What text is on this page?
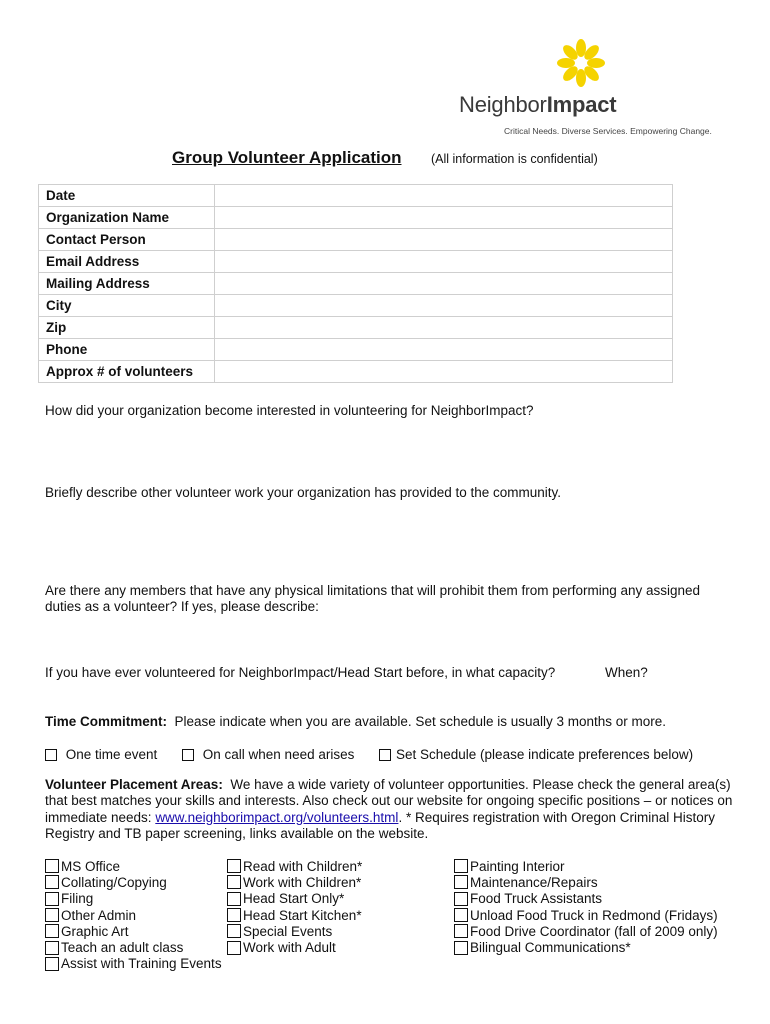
NeighborImpact
Critical Needs. Diverse Services. Empowering Change.
Group Volunteer Application (All information is confidential)
Date	
Organization Name	
Contact Person	
Email Address	
Mailing Address	
City	
Zip	
Phone	
Approx # of volunteers	
How did your organization become interested in volunteering for NeighborImpact?
Briefly describe other volunteer work your organization has provided to the community.
Are there any members that have any physical limitations that will prohibit them from performing any assigned duties as a volunteer? If yes, please describe:
If you have ever volunteered for NeighborImpact/Head Start before, in what capacity?	When?
Time Commitment: Please indicate when you are available. Set schedule is usually 3 months or more.

One time event
	On call when need arises	Set Schedule (please indicate preferences below)
Volunteer Placement Areas: We have a wide variety of volunteer opportunities. Please check the general area(s) that best matches your skills and interests. Also check out our website for ongoing specific positions – or notices on immediate needs: www.neighborimpact.org/volunteers.html. * Requires registration with Oregon Criminal History Registry and TB paper screening, links available on the website.
MS Office
Collating/Copying
Filing
Other Admin
Graphic Art
Teach an adult class
Assist with Training Events
Read with Children*
Work with Children*
Head Start Only*
Head Start Kitchen*
Special Events
Work with Adult
Painting Interior
Maintenance/Repairs
Food Truck Assistants
Unload Food Truck in Redmond (Fridays)
Food Drive Coordinator (fall of 2009 only)
Bilingual Communications*
